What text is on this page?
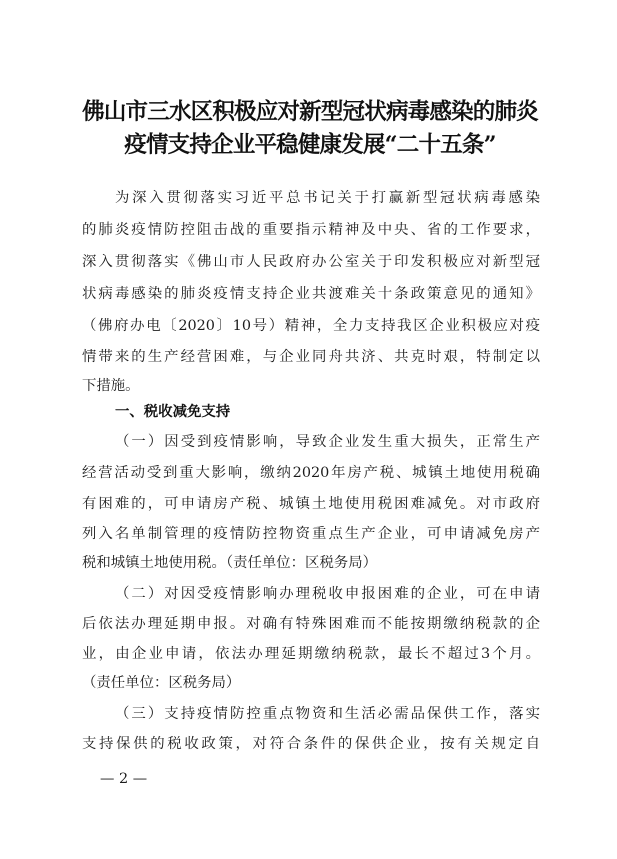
佛山市三水区积极应对新型冠状病毒感染的肺炎
疫情支持企业平稳健康发展“二十五条”
为深入贯彻落实习近平总书记关于打赢新型冠状病毒感染
的肺炎疫情防控阻击战的重要指示精神及中央、省的工作要求，
深入贯彻落实《佛山市人民政府办公室关于印发积极应对新型冠
状病毒感染的肺炎疫情支持企业共渡难关十条政策意见的通知》
（佛府办电〔2020〕10号）精神，全力支持我区企业积极应对疫
情带来的生产经营困难，与企业同舟共济、共克时艰，特制定以
下措施。
一、税收减免支持
（一）因受到疫情影响，导致企业发生重大损失，正常生产
经营活动受到重大影响，缴纳2020年房产税、城镇土地使用税确
有困难的，可申请房产税、城镇土地使用税困难减免。对市政府
列入名单制管理的疫情防控物资重点生产企业，可申请减免房产
税和城镇土地使用税。（责任单位：区税务局）
（二）对因受疫情影响办理税收申报困难的企业，可在申请
后依法办理延期申报。对确有特殊困难而不能按期缴纳税款的企
业，由企业申请，依法办理延期缴纳税款，最长不超过3个月。
（责任单位：区税务局）
（三）支持疫情防控重点物资和生活必需品保供工作，落实
支持保供的税收政策，对符合条件的保供企业，按有关规定自
— 2 —
